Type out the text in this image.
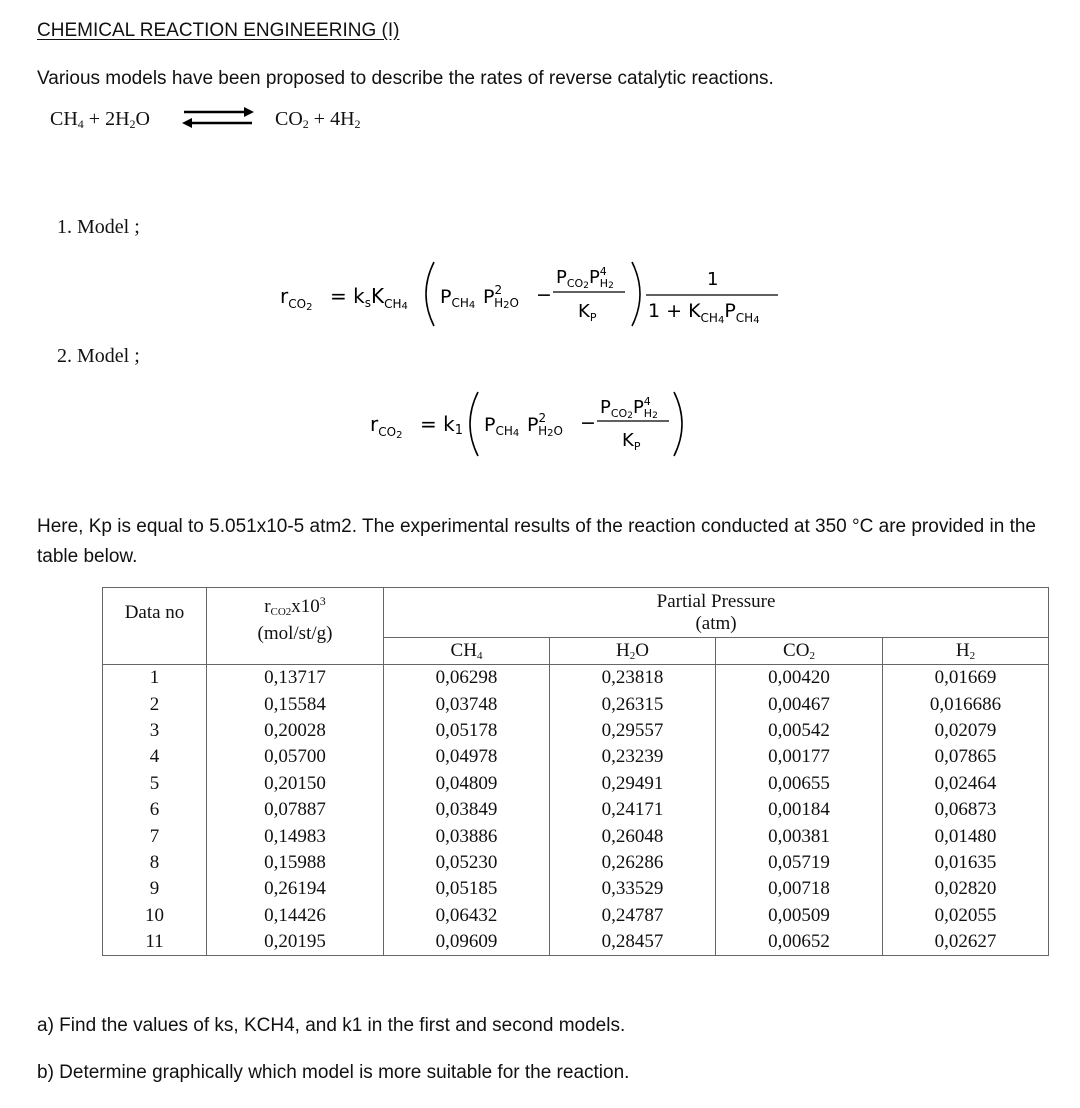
CHEMICAL REACTION ENGINEERING (I)
Various models have been proposed to describe the rates of reverse catalytic reactions.
$CH_4 + 2H_2O$	$CO_2 + 4H_2$
1. Model ;
$r_{CO}2 = k_sK_{CH}4$ $P_{CH}4$ $P^2$ H2O −
$P_{CO}2P^4$ H2
$K_P$
1
$1 + K_{CH}4P_{CH}4$
2. Model ;
$r_{CO}2 = k1$ $P_{CH}4$ $P^2$ H2O −
$P_{CO}2P^4$ H2
$K_P$
Here, Kp is equal to 5.051x10-5 atm2. The experimental results of the reaction conducted at 350 °C are provided in the table below.
Data no	$r_{CO2}x10^3$
(mol/st/g)	Partial Pressure
(atm)			
		$CH_4$	$H_2O$	$CO_2$	$H_2$
1	0,13717	0,06298	0,23818	0,00420	0,01669
2	0,15584	0,03748	0,26315	0,00467	0,016686
3	0,20028	0,05178	0,29557	0,00542	0,02079
4	0,05700	0,04978	0,23239	0,00177	0,07865
5	0,20150	0,04809	0,29491	0,00655	0,02464
6	0,07887	0,03849	0,24171	0,00184	0,06873
7	0,14983	0,03886	0,26048	0,00381	0,01480
8	0,15988	0,05230	0,26286	0,05719	0,01635
9	0,26194	0,05185	0,33529	0,00718	0,02820
10	0,14426	0,06432	0,24787	0,00509	0,02055
11	0,20195	0,09609	0,28457	0,00652	0,02627
a) Find the values of ks, KCH4, and k1 in the first and second models.
b) Determine graphically which model is more suitable for the reaction.
